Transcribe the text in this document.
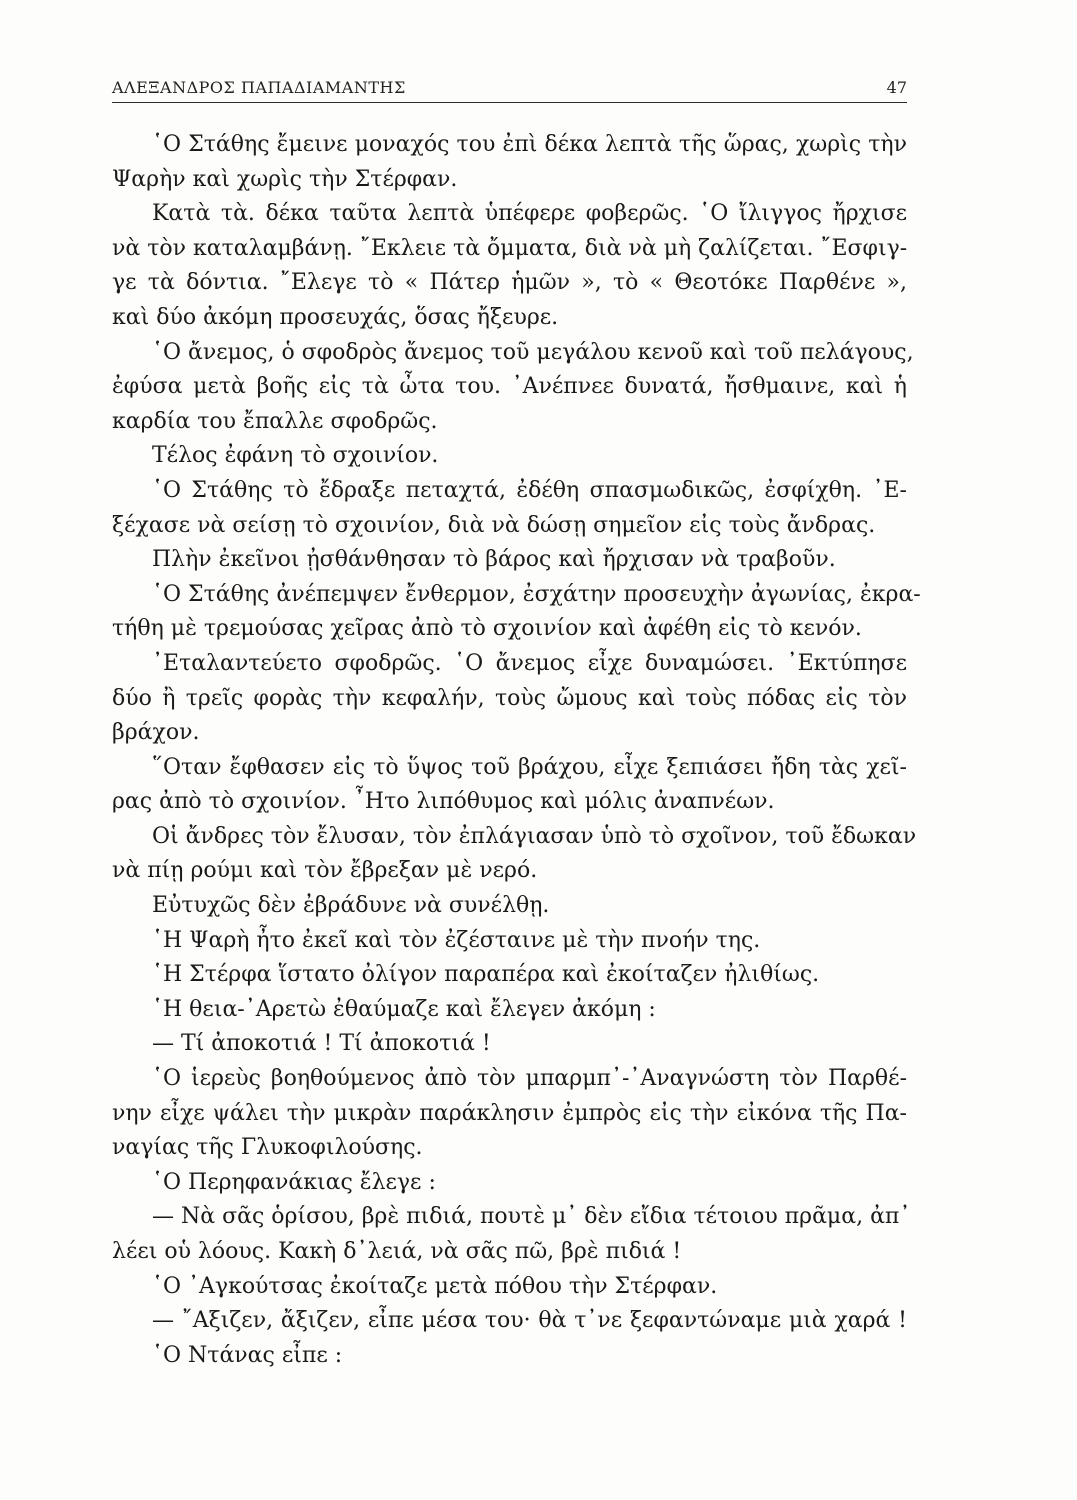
ΑΛΕΞΑΝΔΡΟΣ ΠΑΠΑΔΙΑΜΑΝΤΗΣ	47
῾Ο Στάθης ἔμεινε μοναχός του ἐπὶ δέκα λεπτὰ τῆς ὥρας, χωρὶς τὴν
Ψαρὴν καὶ χωρὶς τὴν Στέρφαν.
Κατὰ τὰ. δέκα ταῦτα λεπτὰ ὑπέφερε φοβερῶς. ῾Ο ἴλιγγος ἤρχισε
νὰ τὸν καταλαμβάνῃ. ῎Εκλειε τὰ ὄμματα, διὰ νὰ μὴ ζαλίζεται. ῎Εσφιγ-
γε τὰ δόντια. ῎Ελεγε τὸ « Πάτερ ἡμῶν », τὸ « Θεοτόκε Παρθένε »,
καὶ δύο ἀκόμη προσευχάς, ὅσας ἤξευρε.
῾Ο ἄνεμος, ὁ σφοδρὸς ἄνεμος τοῦ μεγάλου κενοῦ καὶ τοῦ πελάγους,
ἐφύσα μετὰ βοῆς εἰς τὰ ὦτα του. ᾿Ανέπνεε δυνατά, ἤσθμαινε, καὶ ἡ
καρδία του ἔπαλλε σφοδρῶς.
Τέλος ἐφάνη τὸ σχοινίον.
῾Ο Στάθης τὸ ἔδραξε πεταχτά, ἐδέθη σπασμωδικῶς, ἐσφίχθη. ᾿Ε-
ξέχασε νὰ σείσῃ τὸ σχοινίον, διὰ νὰ δώσῃ σημεῖον εἰς τοὺς ἄνδρας.
Πλὴν ἐκεῖνοι ᾐσθάνθησαν τὸ βάρος καὶ ἤρχισαν νὰ τραβοῦν.
῾Ο Στάθης ἀνέπεμψεν ἔνθερμον, ἐσχάτην προσευχὴν ἀγωνίας, ἐκρα-
τήθη μὲ τρεμούσας χεῖρας ἀπὸ τὸ σχοινίον καὶ ἀφέθη εἰς τὸ κενόν.
᾿Εταλαντεύετο σφοδρῶς. ῾Ο ἄνεμος εἶχε δυναμώσει. ᾿Εκτύπησε
δύο ἢ τρεῖς φορὰς τὴν κεφαλήν, τοὺς ὤμους καὶ τοὺς πόδας εἰς τὸν
βράχον.
῞Οταν ἔφθασεν εἰς τὸ ὕψος τοῦ βράχου, εἶχε ξεπιάσει ἤδη τὰς χεῖ-
ρας ἀπὸ τὸ σχοινίον. ῏Ητο λιπόθυμος καὶ μόλις ἀναπνέων.
Οἱ ἄνδρες τὸν ἔλυσαν, τὸν ἐπλάγιασαν ὑπὸ τὸ σχοῖνον, τοῦ ἔδωκαν
νὰ πίῃ ρούμι καὶ τὸν ἔβρεξαν μὲ νερό.
Εὐτυχῶς δὲν ἐβράδυνε νὰ συνέλθῃ.
῾Η Ψαρὴ ἦτο ἐκεῖ καὶ τὸν ἐζέσταινε μὲ τὴν πνοήν της.
῾Η Στέρφα ἵστατο ὀλίγον παραπέρα καὶ ἐκοίταζεν ἠλιθίως.
῾Η θεια-᾿Αρετὼ ἐθαύμαζε καὶ ἔλεγεν ἀκόμη :
— Τί ἀποκοτιά ! Τί ἀποκοτιά !
῾Ο ἱερεὺς βοηθούμενος ἀπὸ τὸν μπαρμπ᾿-᾿Αναγνώστη τὸν Παρθέ-
νην εἶχε ψάλει τὴν μικρὰν παράκλησιν ἐμπρὸς εἰς τὴν εἰκόνα τῆς Πα-
ναγίας τῆς Γλυκοφιλούσης.
῾Ο Περηφανάκιας ἔλεγε :
— Νὰ σᾶς ὁρίσου, βρὲ πιδιά, πουτὲ μ᾿ δὲν εἴδια τέτοιου πρᾶμα, ἀπ᾿
λέει οὑ λόους. Κακὴ δ᾿λειά, νὰ σᾶς πῶ, βρὲ πιδιά !
῾Ο ᾿Αγκούτσας ἐκοίταζε μετὰ πόθου τὴν Στέρφαν.
— ῎Αξιζεν, ἄξιζεν, εἶπε μέσα του· θὰ τ᾿νε ξεφαντώναμε μιὰ χαρά !
῾Ο Ντάνας εἶπε :
